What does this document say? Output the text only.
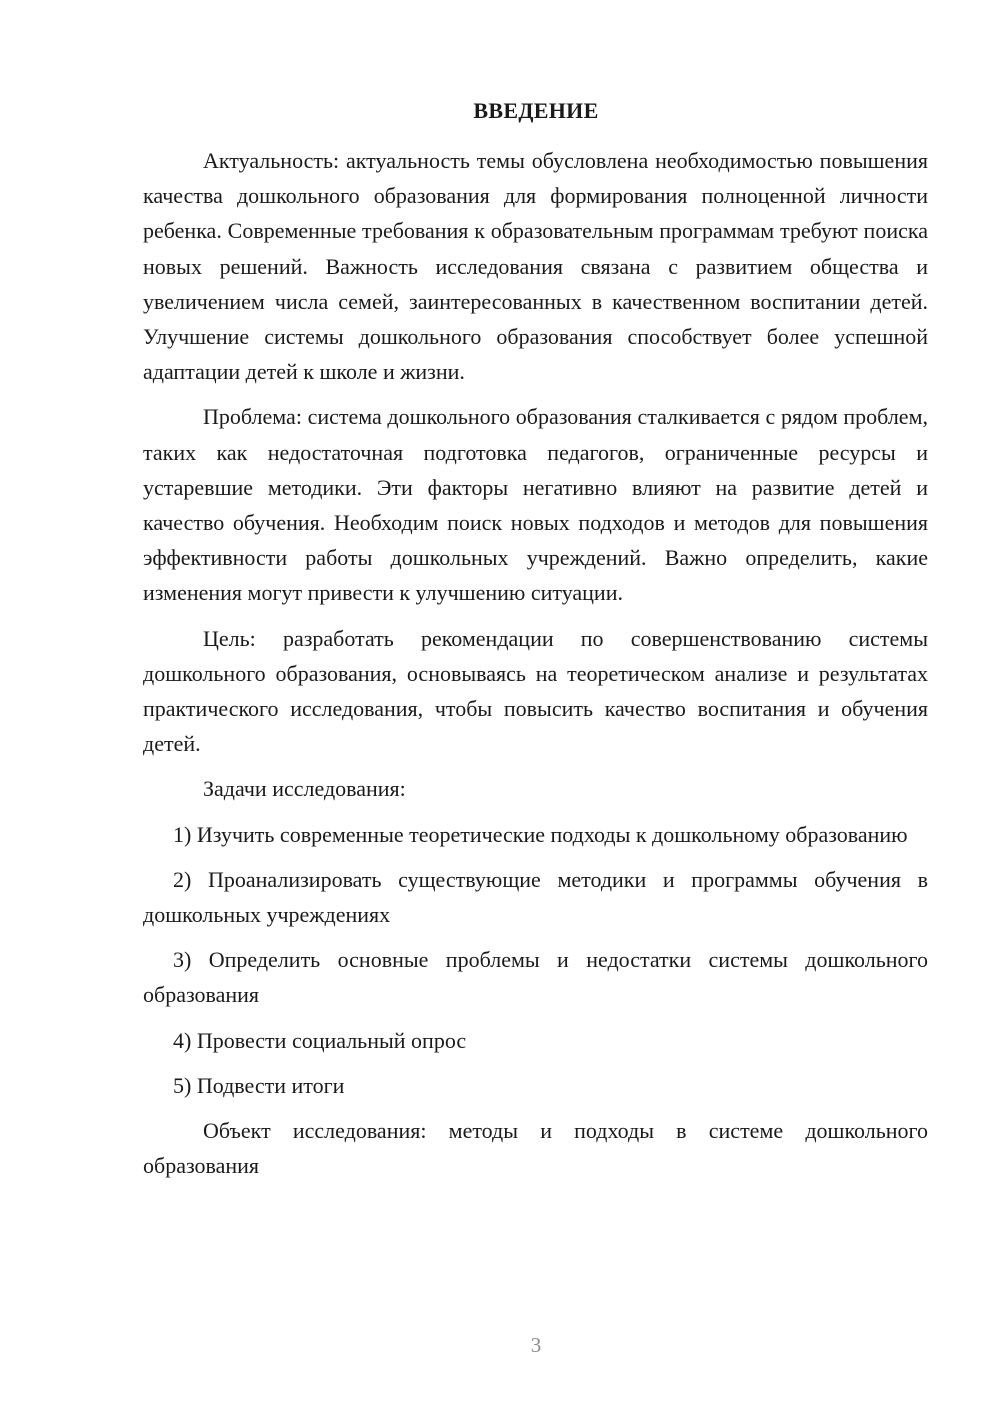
ВВЕДЕНИЕ

Актуальность: актуальность темы обусловлена необходимостью повышения качества дошкольного образования для формирования полноценной личности ребенка. Современные требования к образовательным программам требуют поиска новых решений. Важность исследования связана с развитием общества и увеличением числа семей, заинтересованных в качественном воспитании детей. Улучшение системы дошкольного образования способствует более успешной адаптации детей к школе и жизни.

Проблема: система дошкольного образования сталкивается с рядом проблем, таких как недостаточная подготовка педагогов, ограниченные ресурсы и устаревшие методики. Эти факторы негативно влияют на развитие детей и качество обучения. Необходим поиск новых подходов и методов для повышения эффективности работы дошкольных учреждений. Важно определить, какие изменения могут привести к улучшению ситуации.

Цель: разработать рекомендации по совершенствованию системы дошкольного образования, основываясь на теоретическом анализе и результатах практического исследования, чтобы повысить качество воспитания и обучения детей.

Задачи исследования:

1) Изучить современные теоретические подходы к дошкольному образованию

2) Проанализировать существующие методики и программы обучения в дошкольных учреждениях

3) Определить основные проблемы и недостатки системы дошкольного образования

4) Провести социальный опрос

5) Подвести итоги

Объект исследования: методы и подходы в системе дошкольного образования

3
